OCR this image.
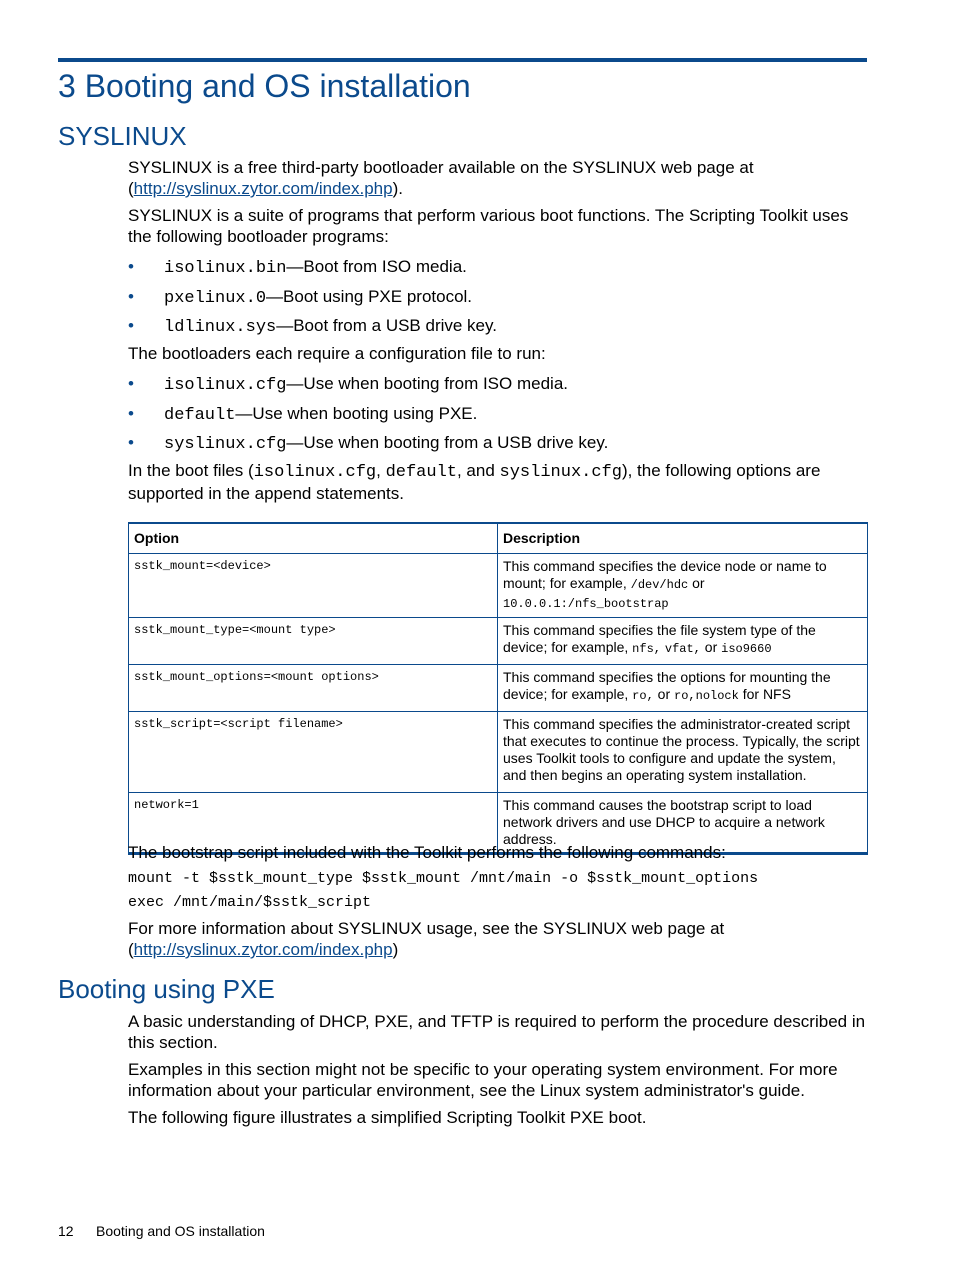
3 Booting and OS installation
SYSLINUX

SYSLINUX is a free third-party bootloader available on the SYSLINUX web page at (http://syslinux.zytor.com/index.php).

SYSLINUX is a suite of programs that perform various boot functions. The Scripting Toolkit uses the following bootloader programs:

• isolinux.bin—Boot from ISO media.
• pxelinux.0—Boot using PXE protocol.
• ldlinux.sys—Boot from a USB drive key.

The bootloaders each require a configuration file to run:

• isolinux.cfg—Use when booting from ISO media.
• default—Use when booting using PXE.
• syslinux.cfg—Use when booting from a USB drive key.

In the boot files (isolinux.cfg, default, and syslinux.cfg), the following options are supported in the append statements.

Option	Description
sstk_mount=<device>	This command specifies the device node or name to mount; for example, /dev/hdc or 10.0.0.1:/nfs_bootstrap
sstk_mount_type=<mount type>	This command specifies the file system type of the device; for example, nfs, vfat, or iso9660
sstk_mount_options=<mount options>	This command specifies the options for mounting the device; for example, ro, or ro,nolock for NFS
sstk_script=<script filename>	This command specifies the administrator-created script that executes to continue the process. Typically, the script uses Toolkit tools to configure and update the system, and then begins an operating system installation.
network=1	This command causes the bootstrap script to load network drivers and use DHCP to acquire a network address.

The bootstrap script included with the Toolkit performs the following commands:

mount -t $sstk_mount_type $sstk_mount /mnt/main -o $sstk_mount_options
exec /mnt/main/$sstk_script

For more information about SYSLINUX usage, see the SYSLINUX web page at (http://syslinux.zytor.com/index.php)

Booting using PXE

A basic understanding of DHCP, PXE, and TFTP is required to perform the procedure described in this section.

Examples in this section might not be specific to your operating system environment. For more information about your particular environment, see the Linux system administrator's guide.

The following figure illustrates a simplified Scripting Toolkit PXE boot.

12 Booting and OS installation
